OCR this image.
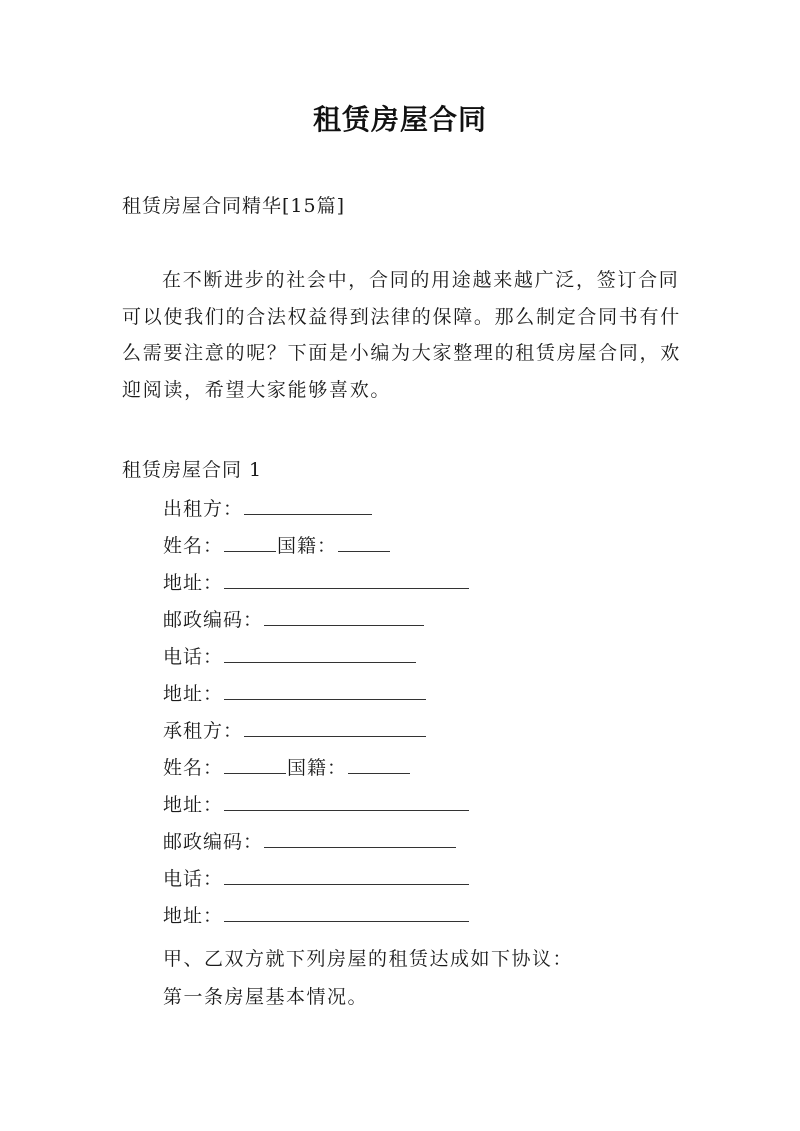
租赁房屋合同
租赁房屋合同精华[15篇]

在不断进步的社会中，合同的用途越来越广泛，签订合同可以使我们的合法权益得到法律的保障。那么制定合同书有什么需要注意的呢？下面是小编为大家整理的租赁房屋合同，欢迎阅读，希望大家能够喜欢。

租赁房屋合同 1
出租方：
姓名：	国籍：
地址：
邮政编码：
电话：
地址：
承租方：
姓名：	国籍：
地址：
邮政编码：
电话：
地址：
甲、乙双方就下列房屋的租赁达成如下协议：
第一条房屋基本情况。
